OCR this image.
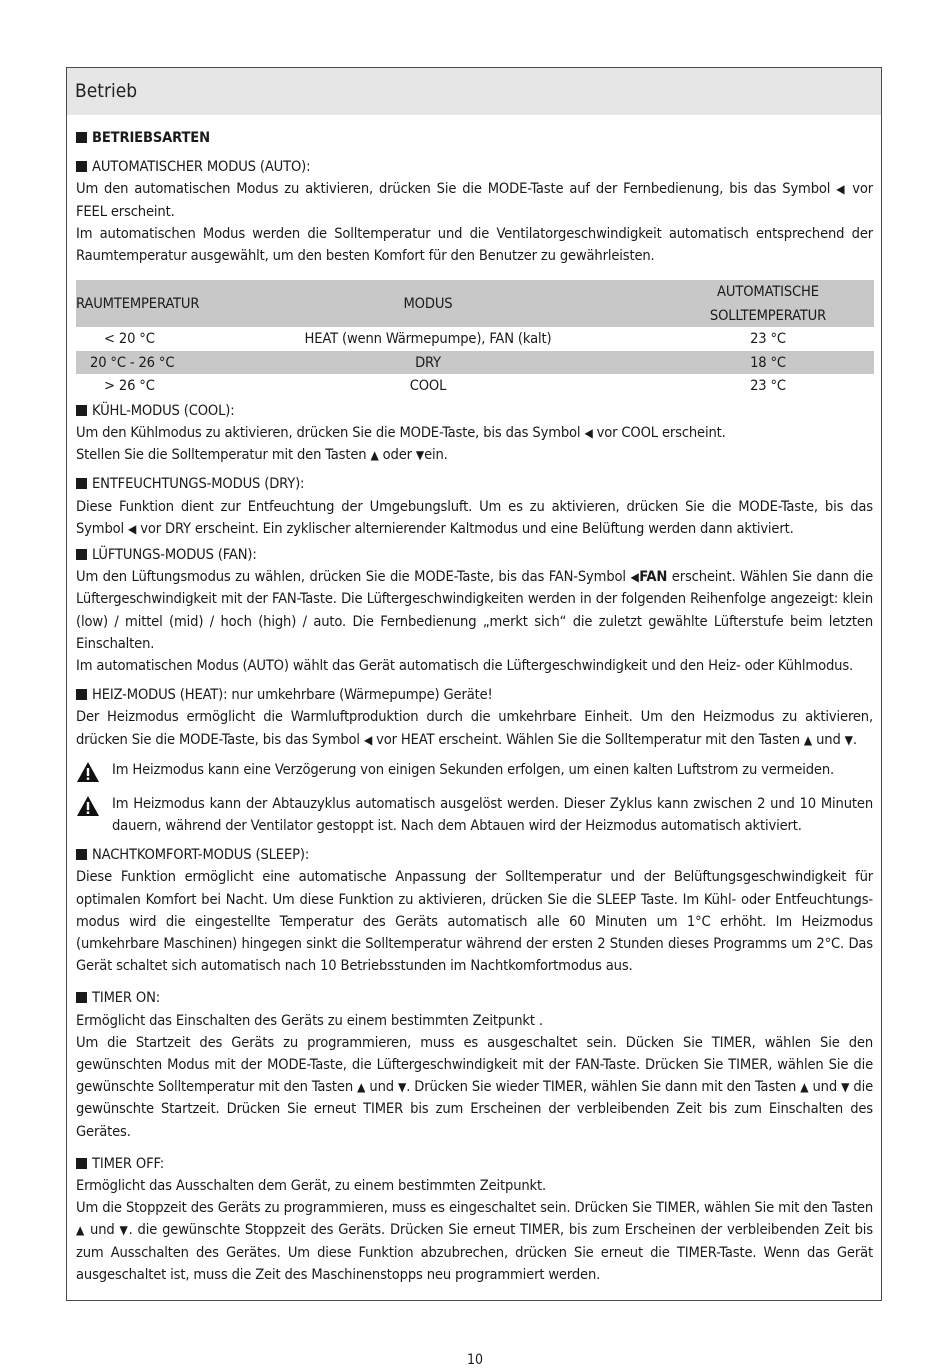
Betrieb

BETRIEBSARTEN

AUTOMATISCHER MODUS (AUTO):

Um den automatischen Modus zu aktivieren, drücken Sie die MODE-Taste auf der Fernbedienung, bis das Symbol ◀ vor FEEL erscheint.

Im automatischen Modus werden die Solltemperatur und die Ventilatorgeschwindigkeit automatisch entsprechend der Raumtemperatur ausgewählt, um den besten Komfort für den Benutzer zu gewährleisten.

RAUMTEMPERATUR	MODUS	AUTOMATISCHE SOLLTEMPERATUR
< 20 °C	HEAT (wenn Wärmepumpe), FAN (kalt)	23 °C
20 °C - 26 °C	DRY	18 °C
> 26 °C	COOL	23 °C

KÜHL-MODUS (COOL):

Um den Kühlmodus zu aktivieren, drücken Sie die MODE-Taste, bis das Symbol ◀ vor COOL erscheint.

Stellen Sie die Solltemperatur mit den Tasten ▲ oder ▼ein.

ENTFEUCHTUNGS-MODUS (DRY):

Diese Funktion dient zur Entfeuchtung der Umgebungsluft. Um es zu aktivieren, drücken Sie die MODE-Taste, bis das Symbol ◀ vor DRY erscheint. Ein zyklischer alternierender Kaltmodus und eine Belüftung werden dann aktiviert.

LÜFTUNGS-MODUS (FAN):

Um den Lüftungsmodus zu wählen, drücken Sie die MODE-Taste, bis das FAN-Symbol ◀FAN erscheint. Wählen Sie dann die Lüftergeschwindigkeit mit der FAN-Taste. Die Lüftergeschwindigkeiten werden in der folgenden Reihenfolge angezeigt: klein (low) / mittel (mid) / hoch (high) / auto. Die Fernbedienung „merkt sich“ die zuletzt gewählte Lüfterstufe beim letzten Einschalten.

Im automatischen Modus (AUTO) wählt das Gerät automatisch die Lüftergeschwindigkeit und den Heiz- oder Kühlmodus.

HEIZ-MODUS (HEAT): nur umkehrbare (Wärmepumpe) Geräte!

Der Heizmodus ermöglicht die Warmluftproduktion durch die umkehrbare Einheit. Um den Heizmodus zu aktivieren, drücken Sie die MODE-Taste, bis das Symbol ◀ vor HEAT erscheint. Wählen Sie die Solltemperatur mit den Tasten ▲ und ▼.

Im Heizmodus kann eine Verzögerung von einigen Sekunden erfolgen, um einen kalten Luftstrom zu vermeiden.

Im Heizmodus kann der Abtauzyklus automatisch ausgelöst werden. Dieser Zyklus kann zwischen 2 und 10 Minuten dauern, während der Ventilator gestoppt ist. Nach dem Abtauen wird der Heizmodus automatisch aktiviert.

NACHTKOMFORT-MODUS (SLEEP):

Diese Funktion ermöglicht eine automatische Anpassung der Solltemperatur und der Belüftungsgeschwindigkeit für optimalen Komfort bei Nacht. Um diese Funktion zu aktivieren, drücken Sie die SLEEP Taste. Im Kühl- oder Entfeuchtungs-modus wird die eingestellte Temperatur des Geräts automatisch alle 60 Minuten um 1°C erhöht. Im Heizmodus (umkehrbare Maschinen) hingegen sinkt die Solltemperatur während der ersten 2 Stunden dieses Programms um 2°C. Das Gerät schaltet sich automatisch nach 10 Betriebsstunden im Nachtkomfortmodus aus.

TIMER ON:

Ermöglicht das Einschalten des Geräts zu einem bestimmten Zeitpunkt .

Um die Startzeit des Geräts zu programmieren, muss es ausgeschaltet sein. Dücken Sie TIMER, wählen Sie den gewünschten Modus mit der MODE-Taste, die Lüftergeschwindigkeit mit der FAN-Taste. Drücken Sie TIMER, wählen Sie die gewünschte Solltemperatur mit den Tasten ▲ und ▼. Drücken Sie wieder TIMER, wählen Sie dann mit den Tasten ▲ und ▼ die gewünschte Startzeit. Drücken Sie erneut TIMER bis zum Erscheinen der verbleibenden Zeit bis zum Einschalten des Gerätes.

TIMER OFF:

Ermöglicht das Ausschalten dem Gerät, zu einem bestimmten Zeitpunkt.

Um die Stoppzeit des Geräts zu programmieren, muss es eingeschaltet sein. Drücken Sie TIMER, wählen Sie mit den Tasten ▲ und ▼. die gewünschte Stoppzeit des Geräts. Drücken Sie erneut TIMER, bis zum Erscheinen der verbleibenden Zeit bis zum Ausschalten des Gerätes. Um diese Funktion abzubrechen, drücken Sie erneut die TIMER-Taste. Wenn das Gerät ausgeschaltet ist, muss die Zeit des Maschinenstopps neu programmiert werden.

10
